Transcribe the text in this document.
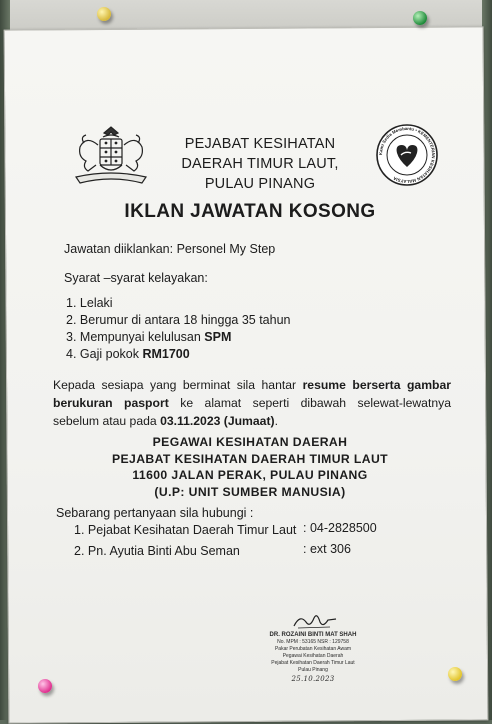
Kami Sedia Membantu • KEMENTERIAN KESIHATAN MALAYSIA
PEJABAT KESIHATAN
DAERAH TIMUR LAUT,
PULAU PINANG
IKLAN JAWATAN KOSONG
Jawatan diiklankan: Personel My Step
Syarat –syarat kelayakan:
1. Lelaki
2. Berumur di antara 18 hingga 35 tahun
3. Mempunyai kelulusan SPM
4. Gaji pokok RM1700
Kepada sesiapa yang berminat sila hantar resume berserta gambar berukuran pasport ke alamat seperti dibawah selewat-lewatnya sebelum atau pada 03.11.2023 (Jumaat).
PEGAWAI KESIHATAN DAERAH
PEJABAT KESIHATAN DAERAH TIMUR LAUT
11600 JALAN PERAK, PULAU PINANG
(U.P: UNIT SUMBER MANUSIA)
Sebarang pertanyaan sila hubungi :
1. Pejabat Kesihatan Daerah Timur Laut : 04-2828500
2. Pn. Ayutia Binti Abu Seman	: ext 306
DR. ROZAINI BINTI MAT SHAH
No. MPM : 53165 NSR : 129758
Pakar Perubatan Kesihatan Awam
Pegawai Kesihatan Daerah
Pejabat Kesihatan Daerah Timur Laut
Pulau Pinang
25.10.2023
